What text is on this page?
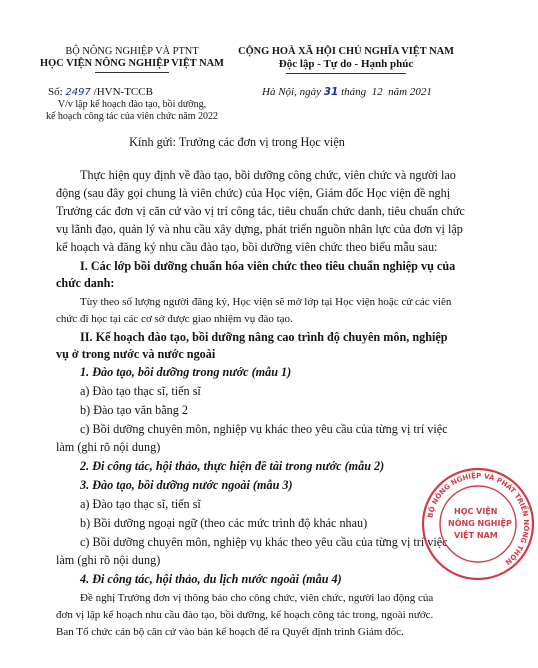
BỘ NÔNG NGHIỆP VÀ PTNT
HỌC VIỆN NÔNG NGHIỆP VIỆT NAM
Số: 2497 /HVN-TCCB
V/v lập kế hoạch đào tạo, bồi dưỡng,
kế hoạch công tác của viên chức năm 2022
CỘNG HOÀ XÃ HỘI CHỦ NGHĨA VIỆT NAM
Độc lập - Tự do - Hạnh phúc
Hà Nội, ngày 31 tháng  12  năm 2021
Kính gửi: Trưởng các đơn vị trong Học viện
Thực hiện quy định về đào tạo, bồi dưỡng công chức, viên chức và người lao
động (sau đây gọi chung là viên chức) của Học viện, Giám đốc Học viện đề nghị
Trưởng các đơn vị căn cứ vào vị trí công tác, tiêu chuẩn chức danh, tiêu chuẩn chức
vụ lãnh đạo, quản lý và nhu cầu xây dựng, phát triển nguồn nhân lực của đơn vị lập
kế hoạch và đăng ký nhu cầu đào tạo, bồi dưỡng viên chức theo biểu mẫu sau:
I. Các lớp bồi dưỡng chuẩn hóa viên chức theo tiêu chuẩn nghiệp vụ của
chức danh:
Tùy theo số lượng người đăng ký, Học viện sẽ mở lớp tại Học viện hoặc cử các viên
chức đi học tại các cơ sở được giao nhiệm vụ đào tạo.
II. Kế hoạch đào tạo, bồi dưỡng nâng cao trình độ chuyên môn, nghiệp
vụ ở trong nước và nước ngoài
1. Đào tạo, bồi dưỡng trong nước (mẫu 1)
a) Đào tạo thạc sĩ, tiến sĩ
b) Đào tạo văn bằng 2
c) Bồi dưỡng chuyên môn, nghiệp vụ khác theo yêu cầu của từng vị trí việc
làm (ghi rõ nội dung)
2. Đi công tác, hội thảo, thực hiện đề tài trong nước (mẫu 2)
3. Đào tạo, bồi dưỡng nước ngoài (mẫu 3)
a) Đào tạo thạc sĩ, tiến sĩ
b) Bồi dưỡng ngoại ngữ (theo các mức trình độ khác nhau)
c) Bồi dưỡng chuyên môn, nghiệp vụ khác theo yêu cầu của từng vị trí việc
làm (ghi rõ nội dung)
4. Đi công tác, hội thảo, du lịch nước ngoài (mẫu 4)
Đề nghị Trưởng đơn vị thông báo cho công chức, viên chức, người lao động của
đơn vị lập kế hoạch nhu cầu đào tạo, bồi dưỡng, kế hoạch công tác trong, ngoài nước.
Ban Tổ chức cán bộ căn cứ vào bản kế hoạch để ra Quyết định trình Giám đốc.
BỘ NÔNG NGHIỆP VÀ PHÁT TRIỂN NÔNG THÔN
HỌC VIỆN
NÔNG NGHIỆP
VIỆT NAM
